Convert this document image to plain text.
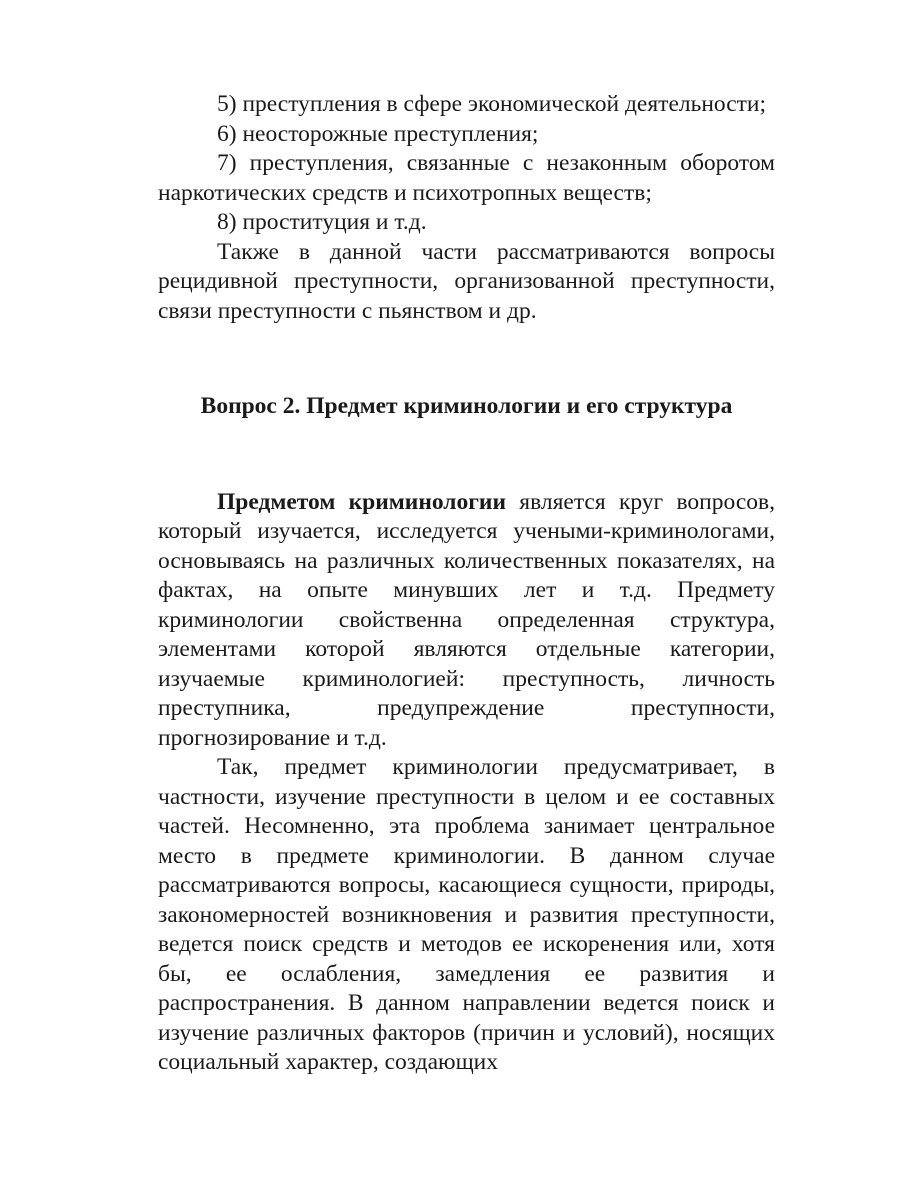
5) преступления в сфере экономической деятельности;

6) неосторожные преступления;

7) преступления, связанные с незаконным оборотом наркотических средств и психотропных веществ;

8) проституция и т.д.

Также в данной части рассматриваются вопросы рецидивной преступности, организованной преступности, связи преступности с пьянством и др.

Вопрос 2. Предмет криминологии и его структура

Предметом криминологии является круг вопросов, который изучается, исследуется учеными-криминологами, основываясь на различных количественных показателях, на фактах, на опыте минувших лет и т.д. Предмету криминологии свойственна определенная структура, элементами которой являются отдельные категории, изучаемые криминологией: преступность, личность преступника, предупреждение преступности, прогнозирование и т.д.

Так, предмет криминологии предусматривает, в частности, изучение преступности в целом и ее составных частей. Несомненно, эта проблема занимает центральное место в предмете криминологии. В данном случае рассматриваются вопросы, касающиеся сущности, природы, закономерностей возникновения и развития преступности, ведется поиск средств и методов ее искоренения или, хотя бы, ее ослабления, замедления ее развития и распространения. В данном направлении ведется поиск и изучение различных факторов (причин и условий), носящих социальный характер, создающих
